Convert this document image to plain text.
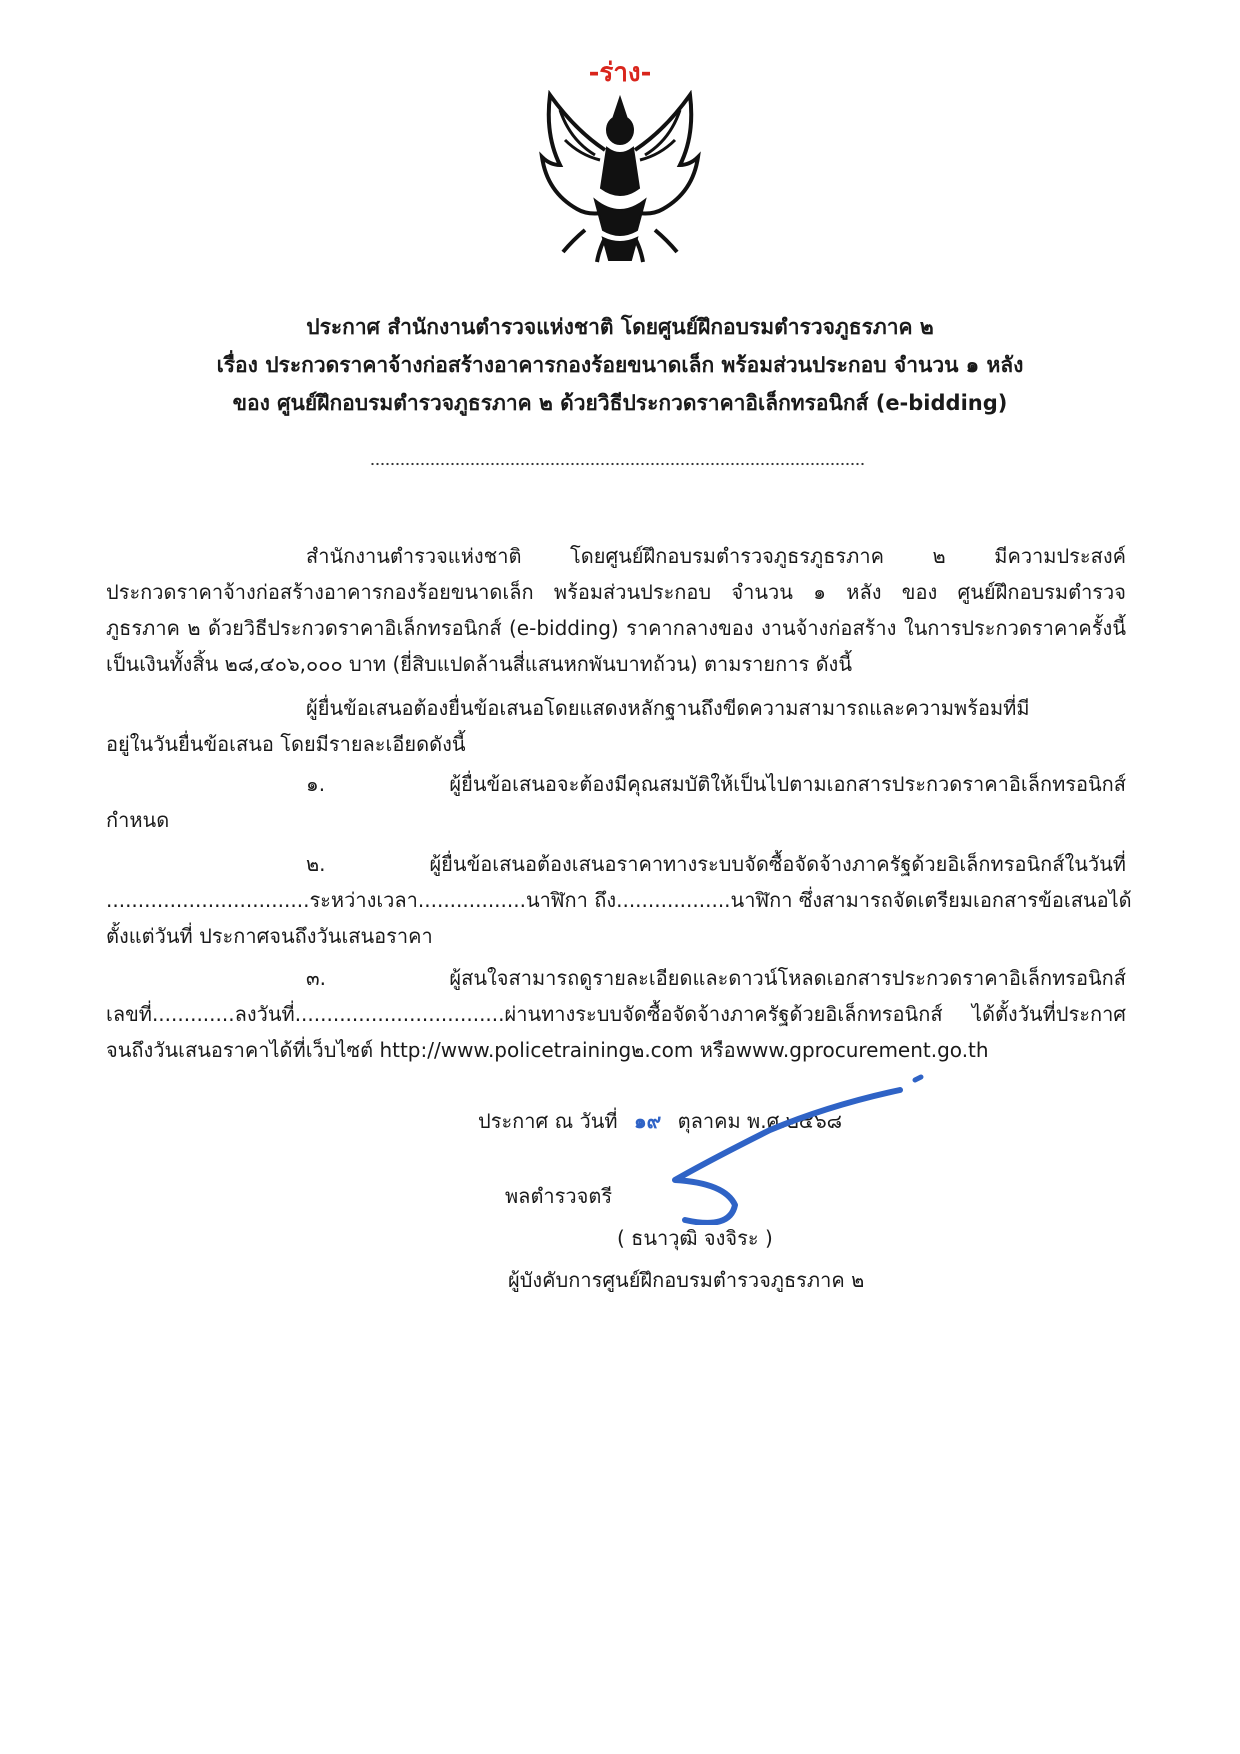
-ร่าง-
ประกาศ สำนักงานตำรวจแห่งชาติ โดยศูนย์ฝึกอบรมตำรวจภูธรภาค ๒
เรื่อง ประกวดราคาจ้างก่อสร้างอาคารกองร้อยขนาดเล็ก พร้อมส่วนประกอบ จำนวน ๑ หลัง
ของ ศูนย์ฝึกอบรมตำรวจภูธรภาค ๒ ด้วยวิธีประกวดราคาอิเล็กทรอนิกส์ (e-bidding)
สำนักงานตำรวจแห่งชาติ โดยศูนย์ฝึกอบรมตำรวจภูธรภูธรภาค ๒ มีความประสงค์
ประกวดราคาจ้างก่อสร้างอาคารกองร้อยขนาดเล็ก พร้อมส่วนประกอบ จำนวน ๑ หลัง ของ ศูนย์ฝึกอบรมตำรวจ
ภูธรภาค ๒ ด้วยวิธีประกวดราคาอิเล็กทรอนิกส์ (e-bidding) ราคากลางของ งานจ้างก่อสร้าง ในการประกวดราคาครั้งนี้
เป็นเงินทั้งสิ้น ๒๘,๔๐๖,๐๐๐ บาท (ยี่สิบแปดล้านสี่แสนหกพันบาทถ้วน) ตามรายการ ดังนี้
ผู้ยื่นข้อเสนอต้องยื่นข้อเสนอโดยแสดงหลักฐานถึงขีดความสามารถและความพร้อมที่มี
อยู่ในวันยื่นข้อเสนอ โดยมีรายละเอียดดังนี้
๑. ผู้ยื่นข้อเสนอจะต้องมีคุณสมบัติให้เป็นไปตามเอกสารประกวดราคาอิเล็กทรอนิกส์
กำหนด
๒. ผู้ยื่นข้อเสนอต้องเสนอราคาทางระบบจัดซื้อจัดจ้างภาครัฐด้วยอิเล็กทรอนิกส์ในวันที่
................................ระหว่างเวลา.................นาฬิกา ถึง..................นาฬิกา ซึ่งสามารถจัดเตรียมเอกสารข้อเสนอได้
ตั้งแต่วันที่ ประกาศจนถึงวันเสนอราคา
๓. ผู้สนใจสามารถดูรายละเอียดและดาวน์โหลดเอกสารประกวดราคาอิเล็กทรอนิกส์
เลขที่.............ลงวันที่.................................ผ่านทางระบบจัดซื้อจัดจ้างภาครัฐด้วยอิเล็กทรอนิกส์ ได้ตั้งวันที่ประกาศ
จนถึงวันเสนอราคาได้ที่เว็บไซต์ http://www.policetraining๒.com หรือwww.gprocurement.go.th
ประกาศ ณ วันที่ ๑๙ ตุลาคม พ.ศ.๒๕๖๘
พลตำรวจตรี
( ธนาวุฒิ จงจิระ )
ผู้บังคับการศูนย์ฝึกอบรมตำรวจภูธรภาค ๒
